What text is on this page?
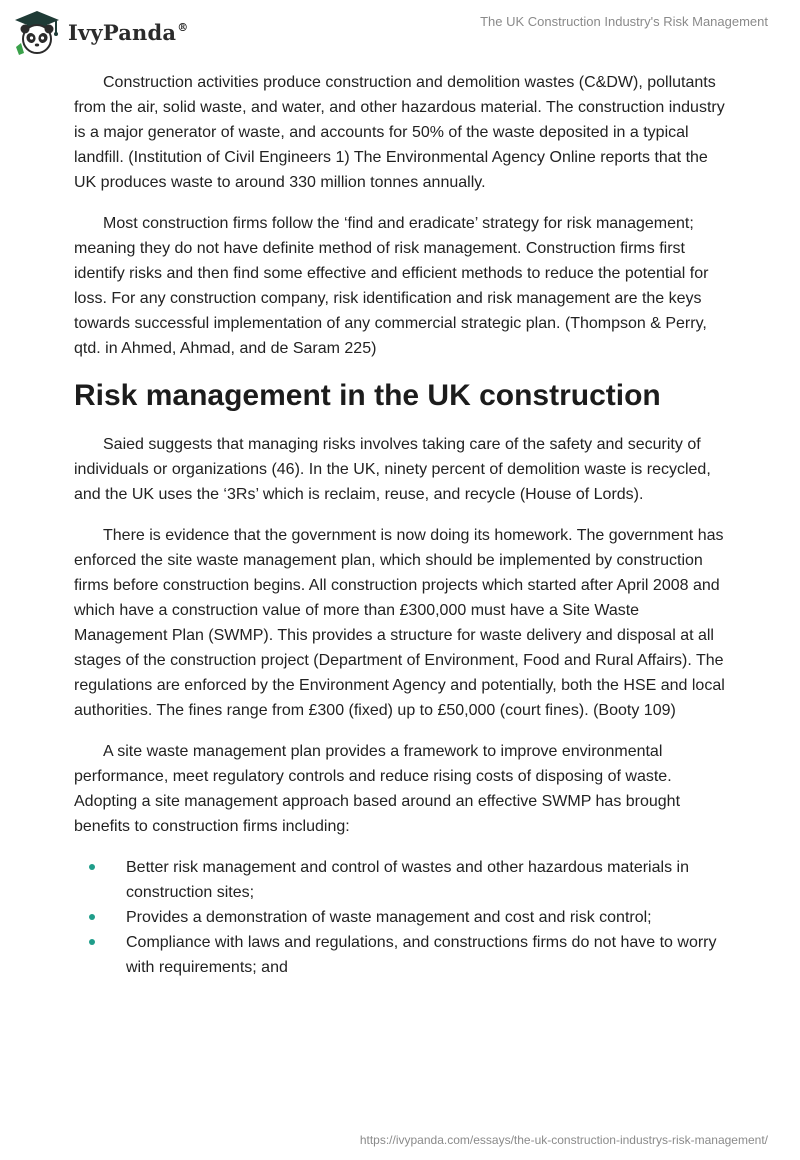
IvyPanda®	The UK Construction Industry's Risk Management

Construction activities produce construction and demolition wastes (C&DW), pollutants from the air, solid waste, and water, and other hazardous material. The construction industry is a major generator of waste, and accounts for 50% of the waste deposited in a typical landfill. (Institution of Civil Engineers 1) The Environmental Agency Online reports that the UK produces waste to around 330 million tonnes annually.

Most construction firms follow the ‘find and eradicate’ strategy for risk management; meaning they do not have definite method of risk management. Construction firms first identify risks and then find some effective and efficient methods to reduce the potential for loss. For any construction company, risk identification and risk management are the keys towards successful implementation of any commercial strategic plan. (Thompson & Perry, qtd. in Ahmed, Ahmad, and de Saram 225)

Risk management in the UK construction

Saied suggests that managing risks involves taking care of the safety and security of individuals or organizations (46). In the UK, ninety percent of demolition waste is recycled, and the UK uses the ‘3Rs’ which is reclaim, reuse, and recycle (House of Lords).

There is evidence that the government is now doing its homework. The government has enforced the site waste management plan, which should be implemented by construction firms before construction begins. All construction projects which started after April 2008 and which have a construction value of more than £300,000 must have a Site Waste Management Plan (SWMP). This provides a structure for waste delivery and disposal at all stages of the construction project (Department of Environment, Food and Rural Affairs). The regulations are enforced by the Environment Agency and potentially, both the HSE and local authorities. The fines range from £300 (fixed) up to £50,000 (court fines). (Booty 109)

A site waste management plan provides a framework to improve environmental performance, meet regulatory controls and reduce rising costs of disposing of waste. Adopting a site management approach based around an effective SWMP has brought benefits to construction firms including:

Better risk management and control of wastes and other hazardous materials in construction sites;
Provides a demonstration of waste management and cost and risk control;
Compliance with laws and regulations, and constructions firms do not have to worry with requirements; and
https://ivypanda.com/essays/the-uk-construction-industrys-risk-management/
